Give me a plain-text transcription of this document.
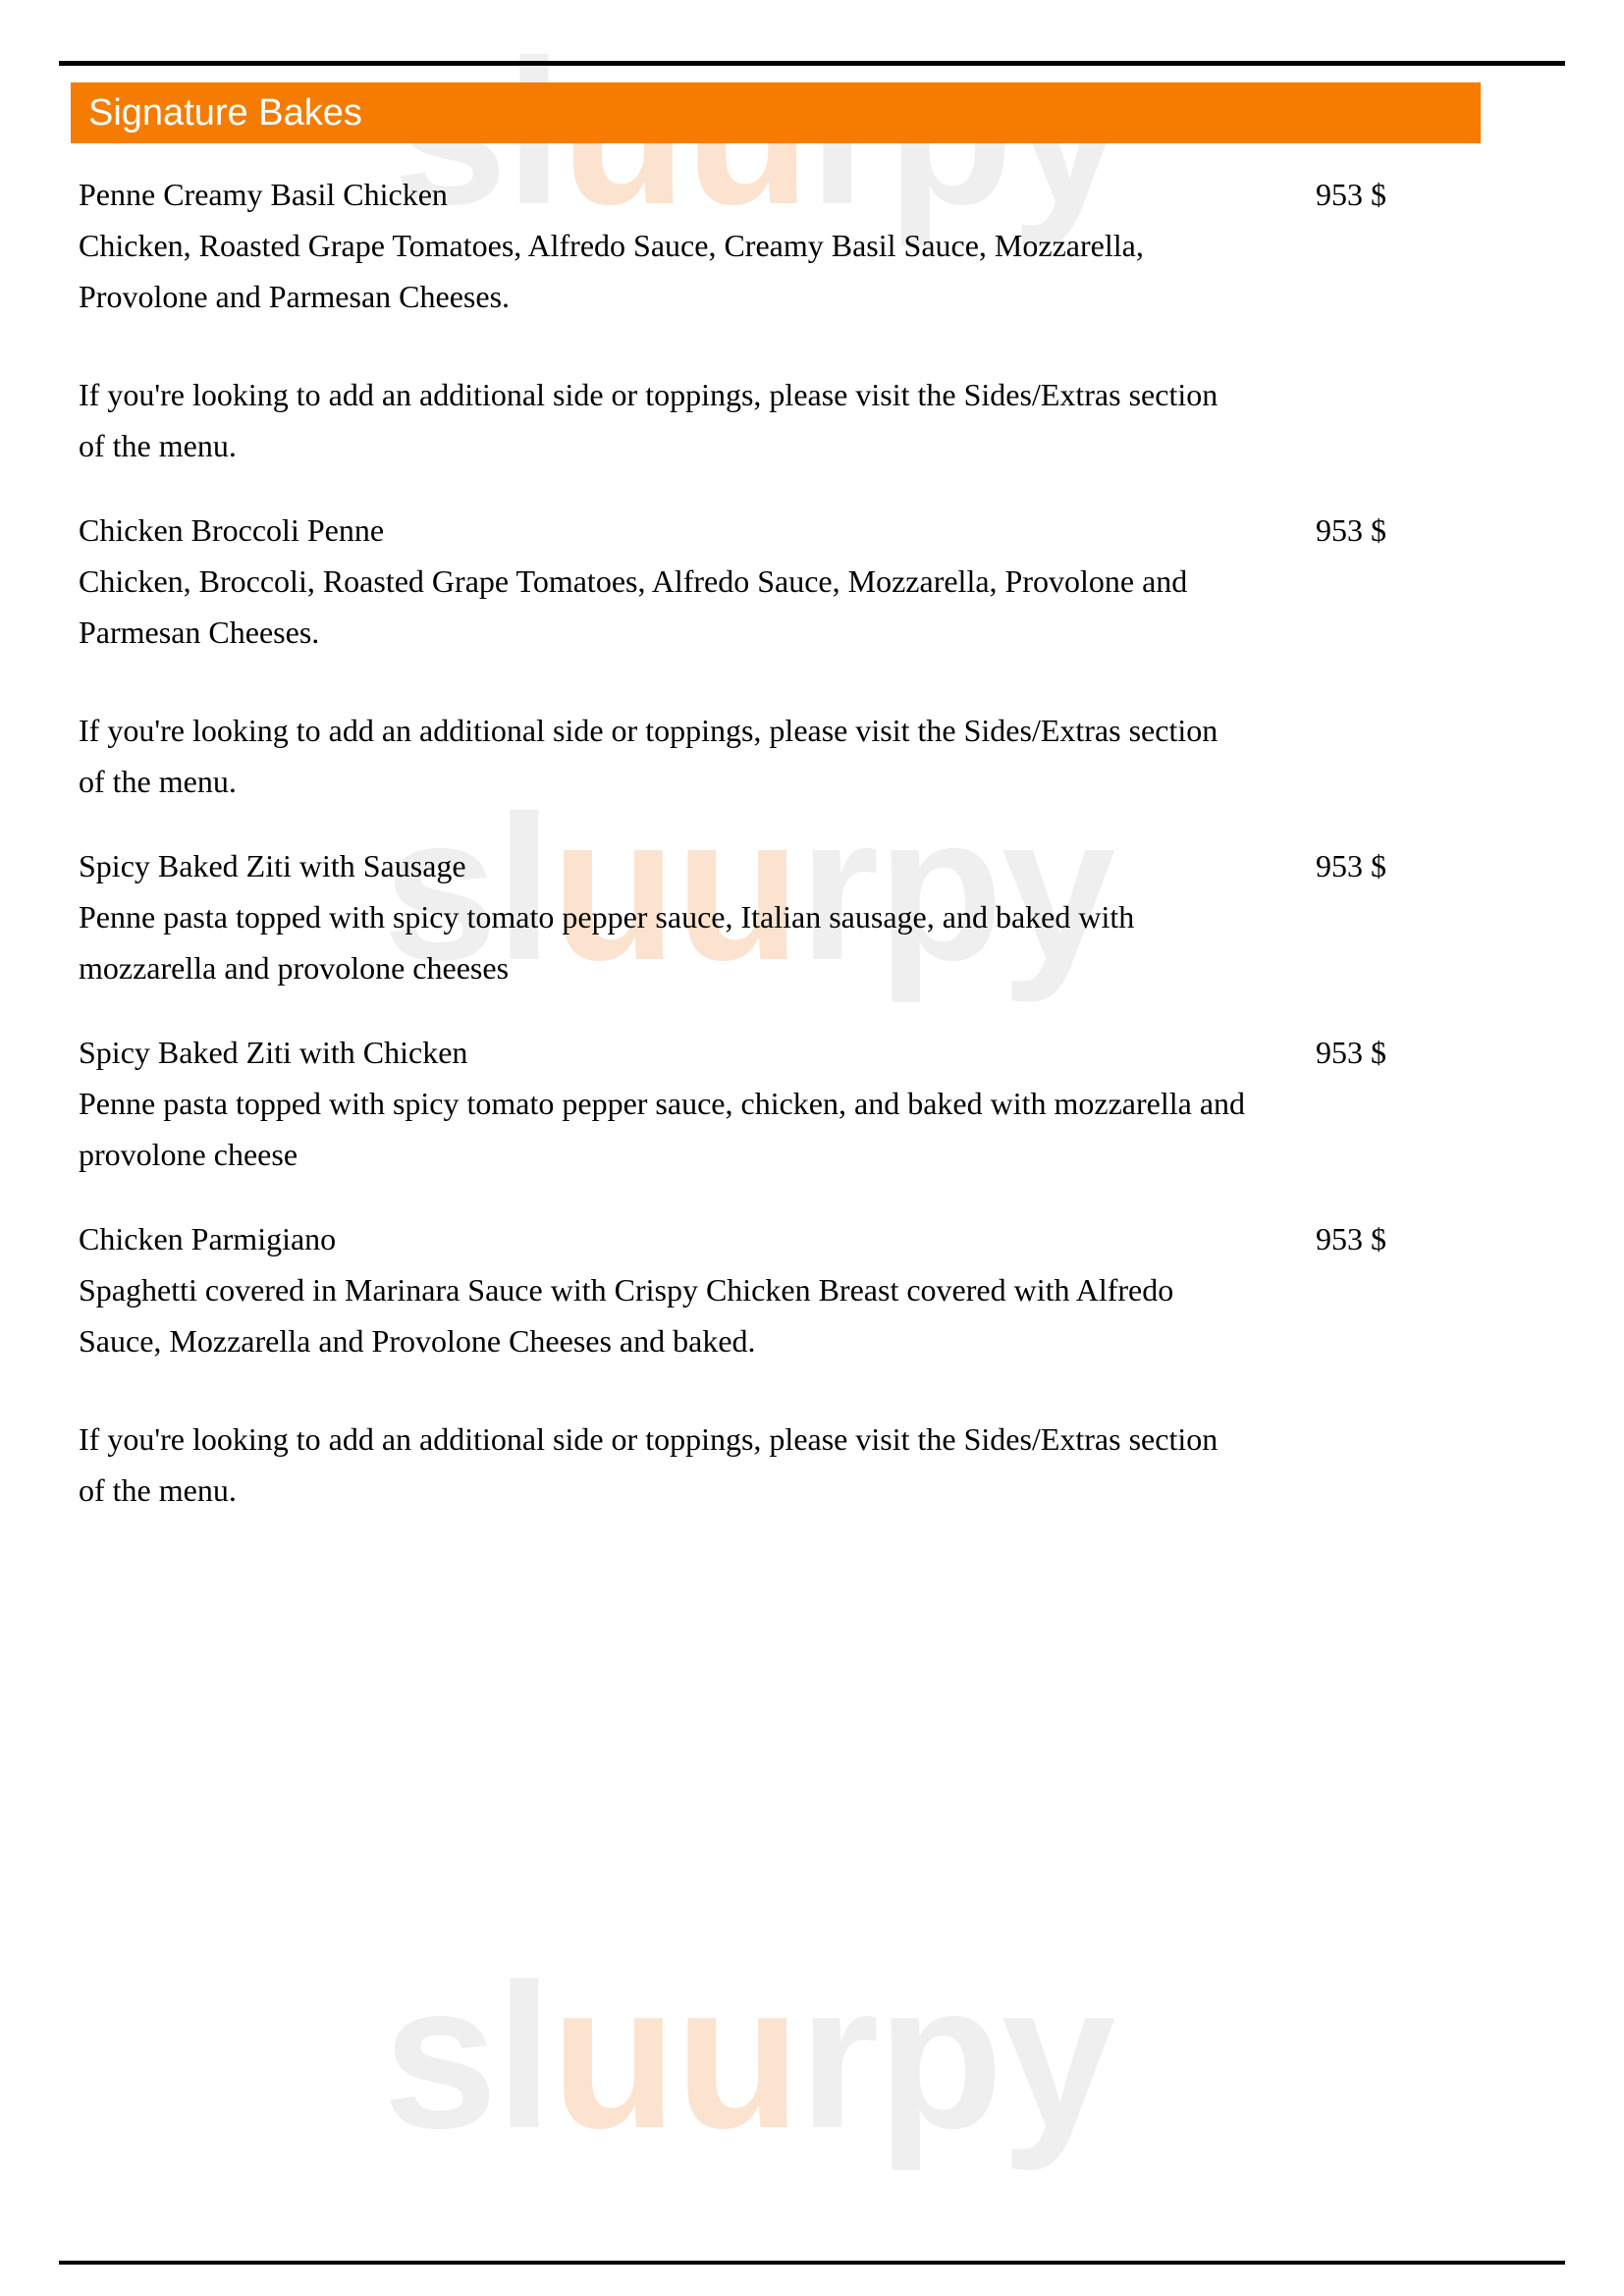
sluurpy
sluurpy
Signature Bakes
Penne Creamy Basil Chicken	953 $
Chicken, Roasted Grape Tomatoes, Alfredo Sauce, Creamy Basil Sauce, Mozzarella, Provolone and Parmesan Cheeses.
If you're looking to add an additional side or toppings, please visit the Sides/Extras section of the menu.
Chicken Broccoli Penne	953 $
Chicken, Broccoli, Roasted Grape Tomatoes, Alfredo Sauce, Mozzarella, Provolone and Parmesan Cheeses.
If you're looking to add an additional side or toppings, please visit the Sides/Extras section of the menu.
Spicy Baked Ziti with Sausage	953 $
Penne pasta topped with spicy tomato pepper sauce, Italian sausage, and baked with mozzarella and provolone cheeses
Spicy Baked Ziti with Chicken	953 $
Penne pasta topped with spicy tomato pepper sauce, chicken, and baked with mozzarella and provolone cheese
Chicken Parmigiano	953 $
Spaghetti covered in Marinara Sauce with Crispy Chicken Breast covered with Alfredo Sauce, Mozzarella and Provolone Cheeses and baked.
If you're looking to add an additional side or toppings, please visit the Sides/Extras section of the menu.
